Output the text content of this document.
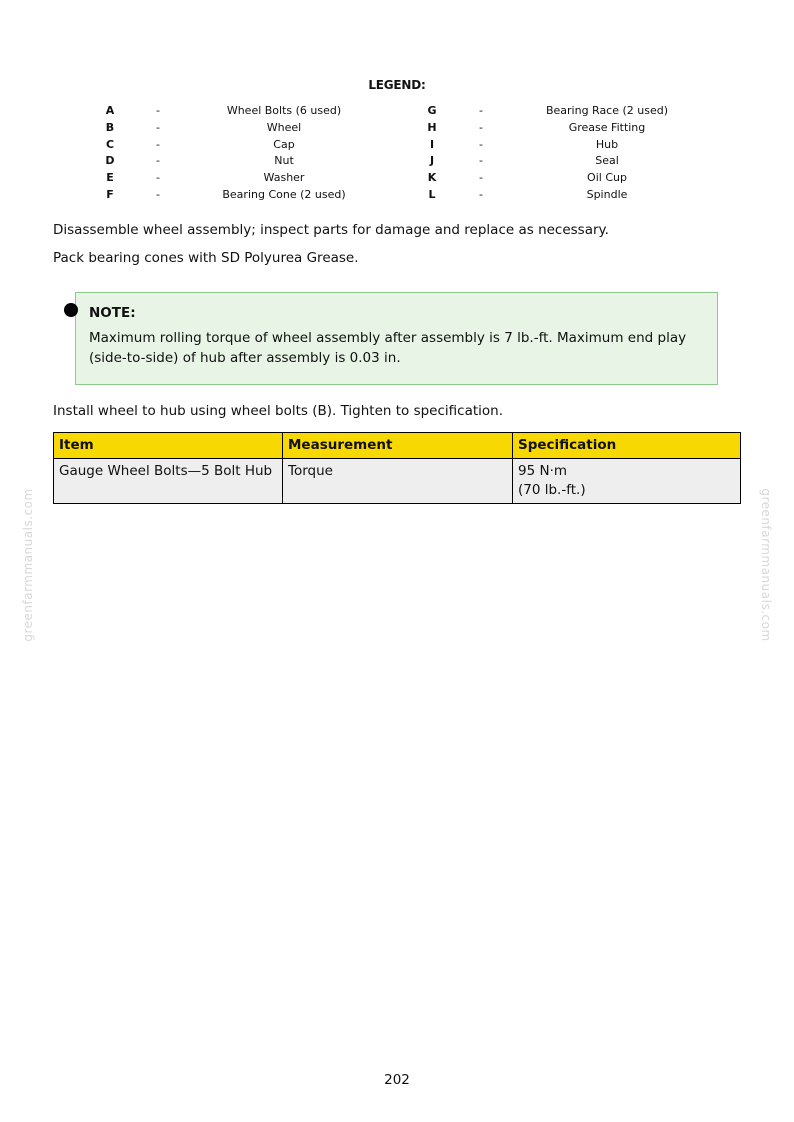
LEGEND:
A	-	Wheel Bolts (6 used)	G	-	Bearing Race (2 used)
B	-	Wheel	H	-	Grease Fitting
C	-	Cap	I	-	Hub
D	-	Nut	J	-	Seal
E	-	Washer	K	-	Oil Cup
F	-	Bearing Cone (2 used)	L	-	Spindle
Disassemble wheel assembly; inspect parts for damage and replace as necessary.
Pack bearing cones with SD Polyurea Grease.
NOTE:
Maximum rolling torque of wheel assembly after assembly is 7 lb.-ft. Maximum end play (side-to-side) of hub after assembly is 0.03 in.
Install wheel to hub using wheel bolts (B). Tighten to specification.
Item	Measurement	Specification
Gauge Wheel Bolts—5 Bolt Hub	Torque	95 N·m
(70 lb.-ft.)
greenfarmmanuals.com	greenfarmmanuals.com
202
